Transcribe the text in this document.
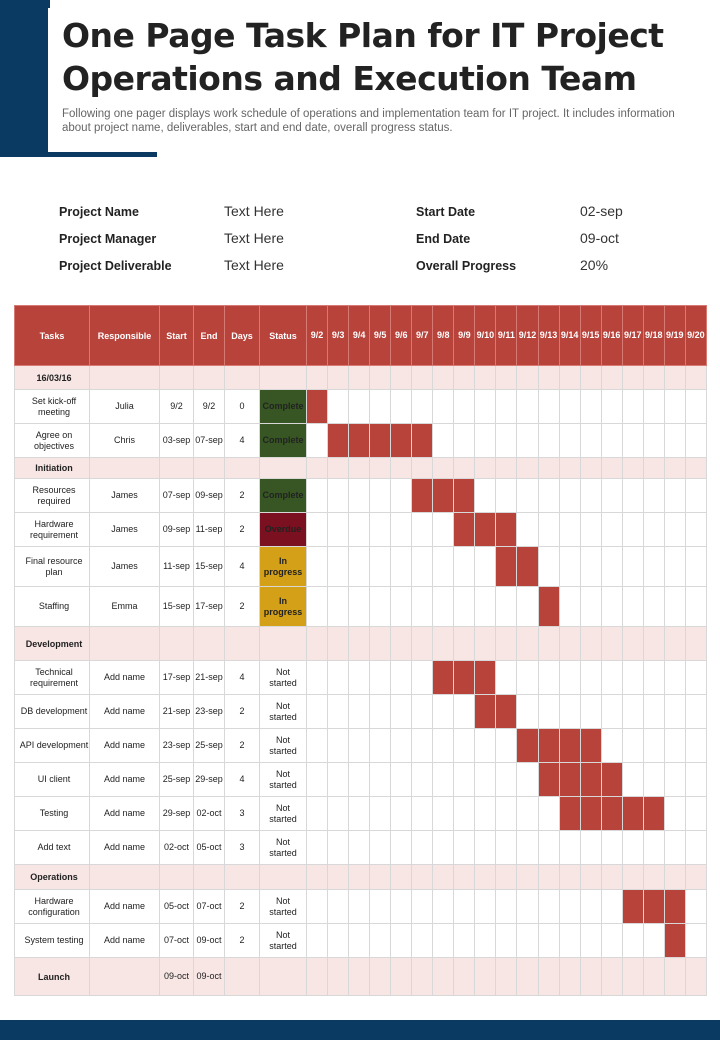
One Page Task Plan for IT Project Operations and Execution Team

Following one pager displays work schedule of operations and implementation team for IT project. It includes information about project name, deliverables, start and end date, overall progress status.

Project Name	Text Here	Start Date	02-sep
Project Manager	Text Here	End Date	09-oct
Project Deliverable	Text Here	Overall Progress	20%
Tasks	Responsible	Start	End	Days	Status	9/2	9/3	9/4	9/5	9/6	9/7	9/8	9/9	9/10	9/11	9/12	9/13	9/14	9/15	9/16	9/17	9/18	9/19	9/20
16/03/16																								
Set kick-off meeting	Julia	9/2	9/2	0	Complete																			
Agree on objectives	Chris	03-sep	07-sep	4	Complete																			
Initiation																								
Resources required	James	07-sep	09-sep	2	Complete																			
Hardware requirement	James	09-sep	11-sep	2	Overdue																			
Final resource plan	James	11-sep	15-sep	4	In progress																			
Staffing	Emma	15-sep	17-sep	2	In progress																			
Development																								
Technical requirement	Add name	17-sep	21-sep	4	Not started																			
DB development	Add name	21-sep	23-sep	2	Not started																			
API development	Add name	23-sep	25-sep	2	Not started																			
UI client	Add name	25-sep	29-sep	4	Not started																			
Testing	Add name	29-sep	02-oct	3	Not started																			
Add text	Add name	02-oct	05-oct	3	Not started																			
Operations																								
Hardware configuration	Add name	05-oct	07-oct	2	Not started																			
System testing	Add name	07-oct	09-oct	2	Not started																			
Launch		09-oct	09-oct																					
